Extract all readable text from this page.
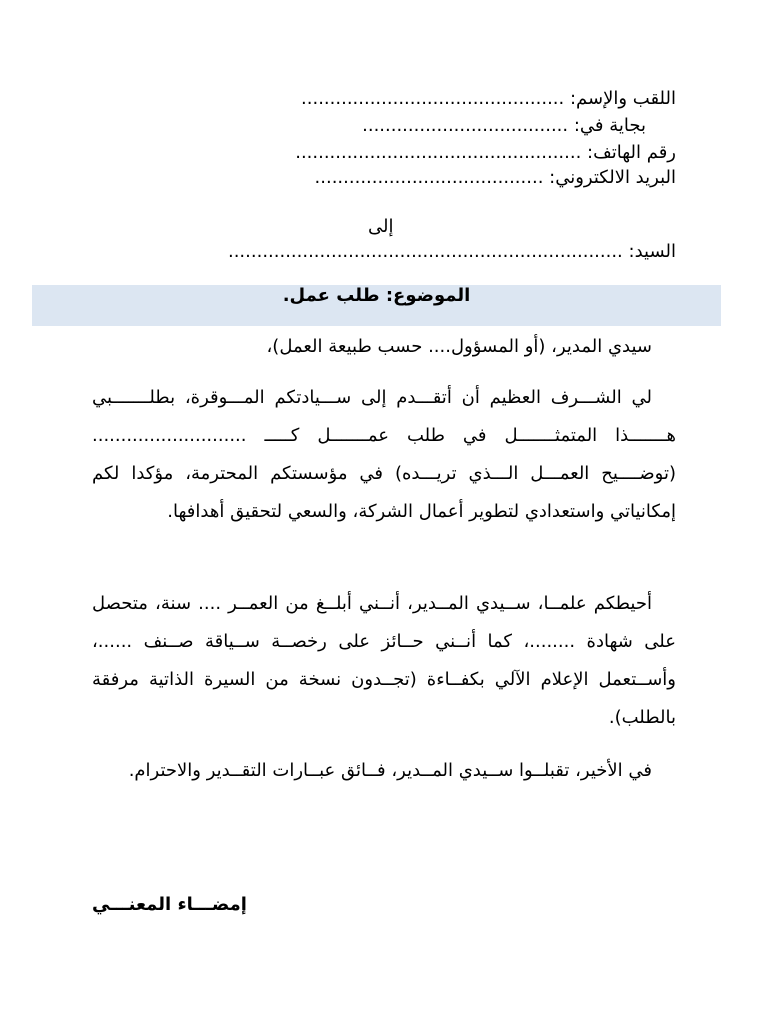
اللقب والإسم: ..............................................
بجاية في: ....................................
رقم الهاتف: ..................................................
البريد الالكتروني: ........................................
إلى
السيد: .....................................................................
الموضوع: طلب عمل.
سيدي المدير، (أو المسؤول.... حسب طبيعة العمل)،
لي الشـــرف العظيم أن أتقـــدم إلى ســـيادتكم المـــوقرة، بطلـــــــبي هـــــــذا المتمثـــــــل في طلب عمـــــــل كـــــ ........................... (توضــــيح العمـــل الـــذي تريـــده) في مؤسستكم المحترمة، مؤكدا لكم إمكانياتي واستعدادي لتطوير أعمال الشركة، والسعي لتحقيق أهدافها.
أحيطكم علمــا، ســيدي المــدير، أنــني أبلــغ من العمــر .... سنة، متحصل على شهادة ........، كما أنــني حــائز على رخصــة ســياقة صــنف ......، وأســتعمل الإعلام الآلي بكفــاءة (تجــدون نسخة من السيرة الذاتية مرفقة بالطلب).
في الأخير، تقبلــوا ســيدي المــدير، فــائق عبــارات التقــدير والاحترام.
إمضـــاء المعنـــي
